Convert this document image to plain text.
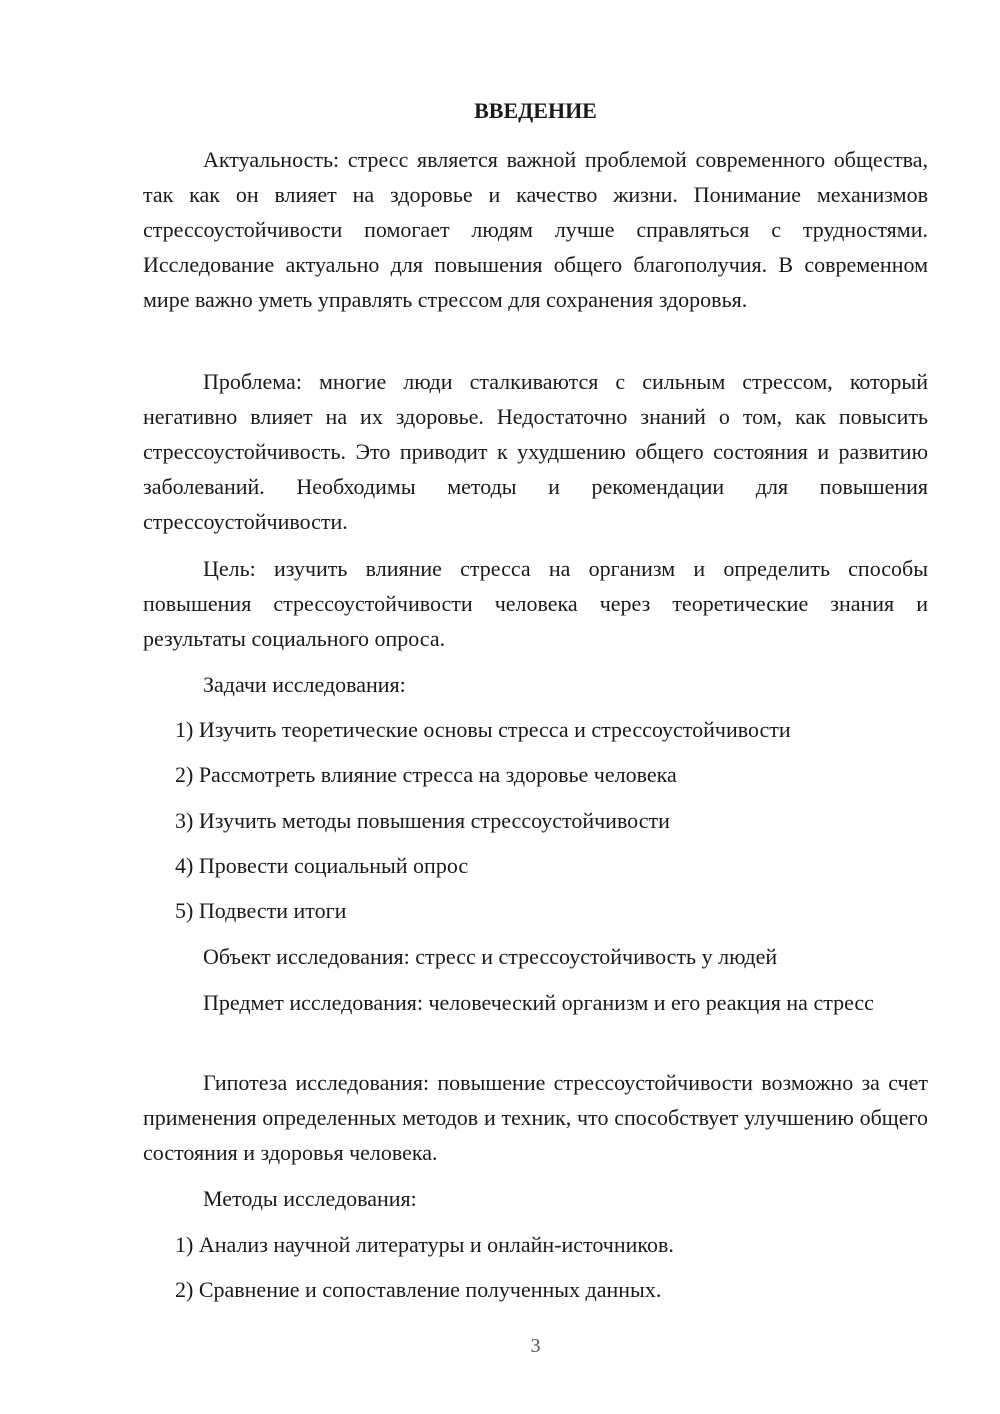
ВВЕДЕНИЕ

Актуальность: стресс является важной проблемой современного общества, так как он влияет на здоровье и качество жизни. Понимание механизмов стрессоустойчивости помогает людям лучше справляться с трудностями. Исследование актуально для повышения общего благополучия. В современном мире важно уметь управлять стрессом для сохранения здоровья.

Проблема: многие люди сталкиваются с сильным стрессом, который негативно влияет на их здоровье. Недостаточно знаний о том, как повысить стрессоустойчивость. Это приводит к ухудшению общего состояния и развитию заболеваний. Необходимы методы и рекомендации для повышения стрессоустойчивости.

Цель: изучить влияние стресса на организм и определить способы повышения стрессоустойчивости человека через теоретические знания и результаты социального опроса.

Задачи исследования:

1) Изучить теоретические основы стресса и стрессоустойчивости

2) Рассмотреть влияние стресса на здоровье человека

3) Изучить методы повышения стрессоустойчивости

4) Провести социальный опрос

5) Подвести итоги

Объект исследования: стресс и стрессоустойчивость у людей

Предмет исследования: человеческий организм и его реакция на стресс

Гипотеза исследования: повышение стрессоустойчивости возможно за счет применения определенных методов и техник, что способствует улучшению общего состояния и здоровья человека.

Методы исследования:

1) Анализ научной литературы и онлайн-источников.

2) Сравнение и сопоставление полученных данных.

3
